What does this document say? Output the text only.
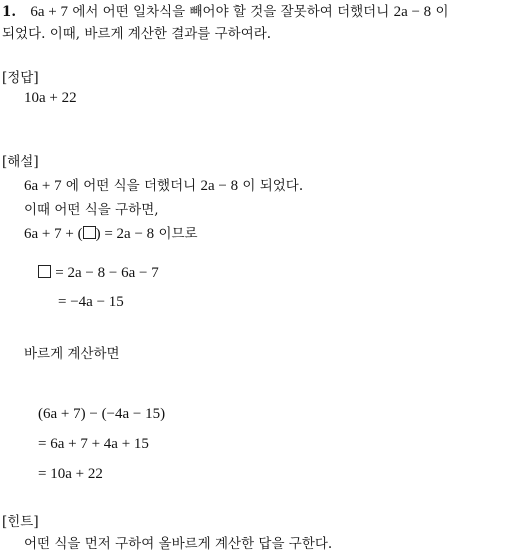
1. 6a + 7 에서 어떤 일차식을 빼어야 할 것을 잘못하여 더했더니 2a − 8 이
되었다. 이때, 바르게 계산한 결과를 구하여라.
[정답]
10a + 22
[해설]
6a + 7 에 어떤 식을 더했더니 2a − 8 이 되었다.
이때 어떤 식을 구하면,
6a + 7 + ( ) = 2a − 8 이므로
= 2a − 8 − 6a − 7
= −4a − 15
바르게 계산하면
(6a + 7) − (−4a − 15)
= 6a + 7 + 4a + 15
= 10a + 22
[힌트]
어떤 식을 먼저 구하여 올바르게 계산한 답을 구한다.
